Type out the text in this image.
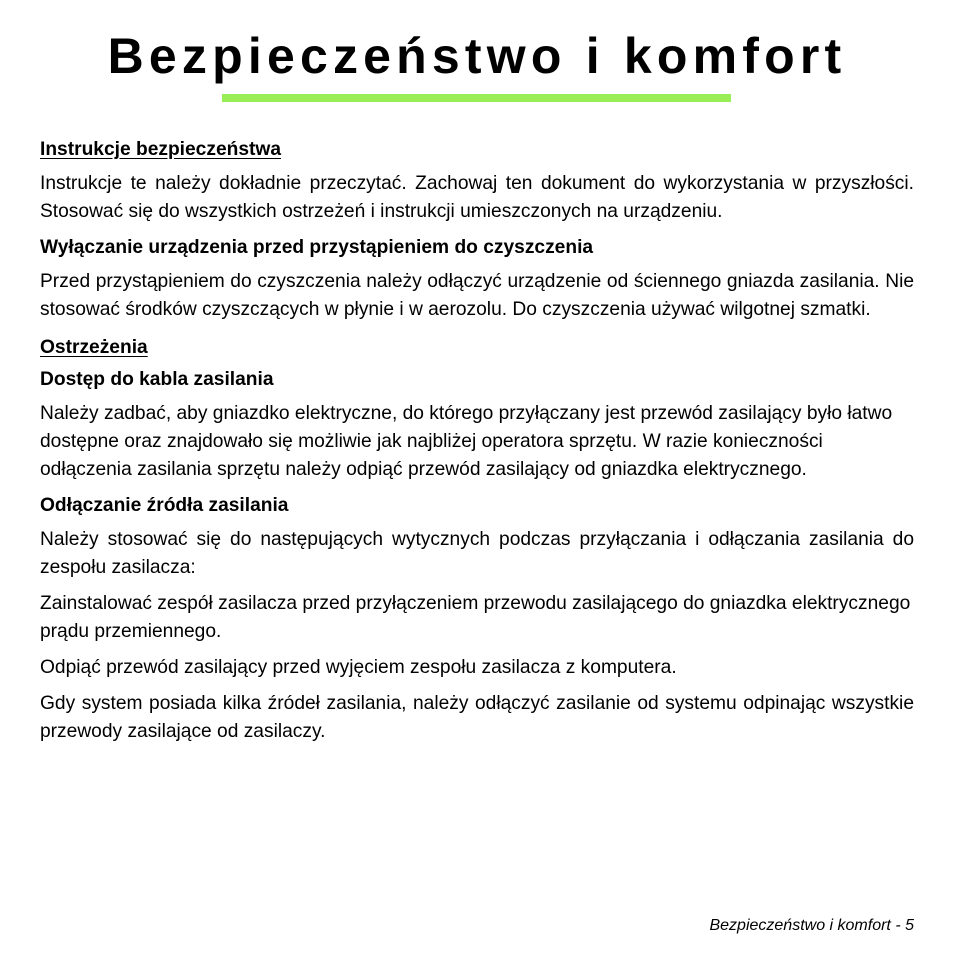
Bezpieczeństwo i komfort

Instrukcje bezpieczeństwa

Instrukcje te należy dokładnie przeczytać. Zachowaj ten dokument do wykorzystania w przyszłości. Stosować się do wszystkich ostrzeżeń i instrukcji umieszczonych na urządzeniu.

Wyłączanie urządzenia przed przystąpieniem do czyszczenia

Przed przystąpieniem do czyszczenia należy odłączyć urządzenie od ściennego gniazda zasilania. Nie stosować środków czyszczących w płynie i w aerozolu. Do czyszczenia używać wilgotnej szmatki.

Ostrzeżenia

Dostęp do kabla zasilania

Należy zadbać, aby gniazdko elektryczne, do którego przyłączany jest przewód zasilający było łatwo dostępne oraz znajdowało się możliwie jak najbliżej operatora sprzętu. W razie konieczności odłączenia zasilania sprzętu należy odpiąć przewód zasilający od gniazdka elektrycznego.

Odłączanie źródła zasilania

Należy stosować się do następujących wytycznych podczas przyłączania i odłączania zasilania do zespołu zasilacza:

Zainstalować zespół zasilacza przed przyłączeniem przewodu zasilającego do gniazdka elektrycznego prądu przemiennego.

Odpiąć przewód zasilający przed wyjęciem zespołu zasilacza z komputera.

Gdy system posiada kilka źródeł zasilania, należy odłączyć zasilanie od systemu odpinając wszystkie przewody zasilające od zasilaczy.

Bezpieczeństwo i komfort - 5
